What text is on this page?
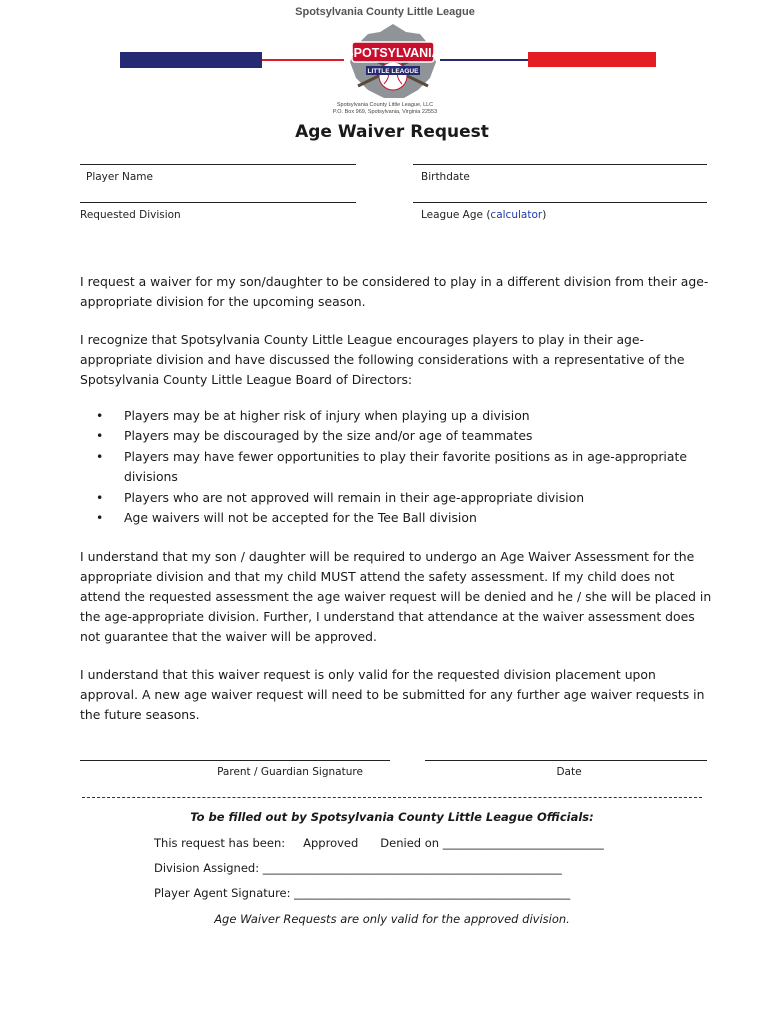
Spotsylvania County Little League
SPOTSYLVANIA
LITTLE LEAGUE
Spotsylvania County Little League, LLC
P.O. Box 969, Spotsylvania, Virginia 22553
Age Waiver Request
Player Name	Birthdate
Requested Division	League Age (calculator)

I request a waiver for my son/daughter to be considered to play in a different division from their age-appropriate division for the upcoming season.

I recognize that Spotsylvania County Little League encourages players to play in their age-appropriate division and have discussed the following considerations with a representative of the Spotsylvania County Little League Board of Directors:

• Players may be at higher risk of injury when playing up a division
• Players may be discouraged by the size and/or age of teammates
• Players may have fewer opportunities to play their favorite positions as in age-appropriate divisions
• Players who are not approved will remain in their age-appropriate division
• Age waivers will not be accepted for the Tee Ball division

I understand that my son / daughter will be required to undergo an Age Waiver Assessment for the appropriate division and that my child MUST attend the safety assessment. If my child does not attend the requested assessment the age waiver request will be denied and he / she will be placed in the age-appropriate division. Further, I understand that attendance at the waiver assessment does not guarantee that the waiver will be approved.

I understand that this waiver request is only valid for the requested division placement upon approval. A new age waiver request will need to be submitted for any further age waiver requests in the future seasons.

Parent / Guardian Signature	Date
To be filled out by Spotsylvania County Little League Officials:
This request has been: Approved Denied on ____________________________
Division Assigned: ____________________________________________________
Player Agent Signature: ________________________________________________
Age Waiver Requests are only valid for the approved division.
